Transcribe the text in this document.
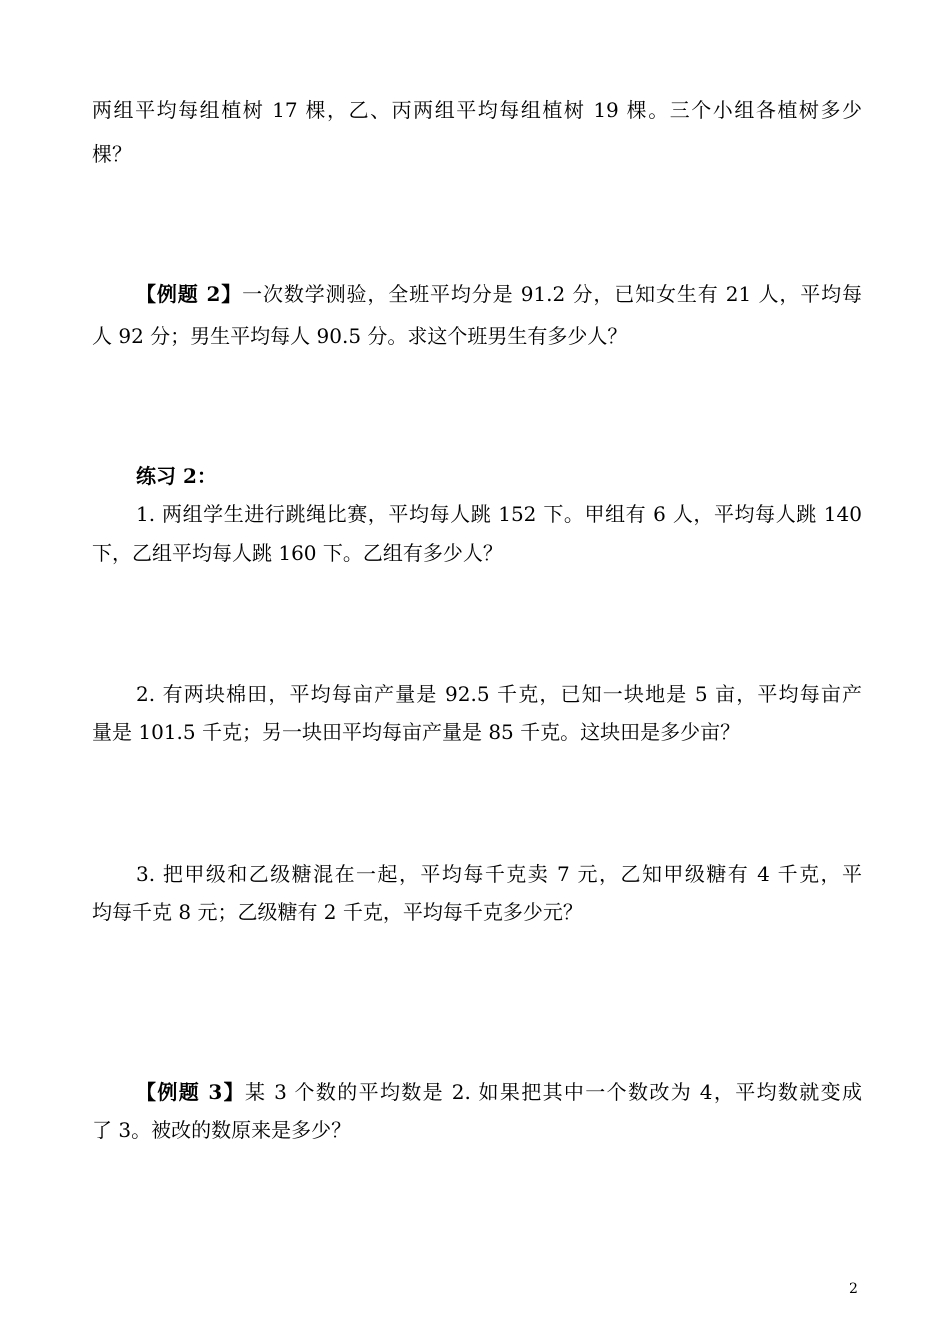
两组平均每组植树 17 棵，乙、丙两组平均每组植树 19 棵。三个小组各植树多少
棵？
【例题 2】一次数学测验，全班平均分是 91.2 分，已知女生有 21 人，平均每
人 92 分；男生平均每人 90.5 分。求这个班男生有多少人？
练习 2：
1. 两组学生进行跳绳比赛，平均每人跳 152 下。甲组有 6 人，平均每人跳 140
下，乙组平均每人跳 160 下。乙组有多少人？
2. 有两块棉田，平均每亩产量是 92.5 千克，已知一块地是 5 亩，平均每亩产
量是 101.5 千克；另一块田平均每亩产量是 85 千克。这块田是多少亩？
3. 把甲级和乙级糖混在一起，平均每千克卖 7 元，乙知甲级糖有 4 千克，平
均每千克 8 元；乙级糖有 2 千克，平均每千克多少元？
【例题 3】某 3 个数的平均数是 2. 如果把其中一个数改为 4，平均数就变成
了 3。被改的数原来是多少？
2
